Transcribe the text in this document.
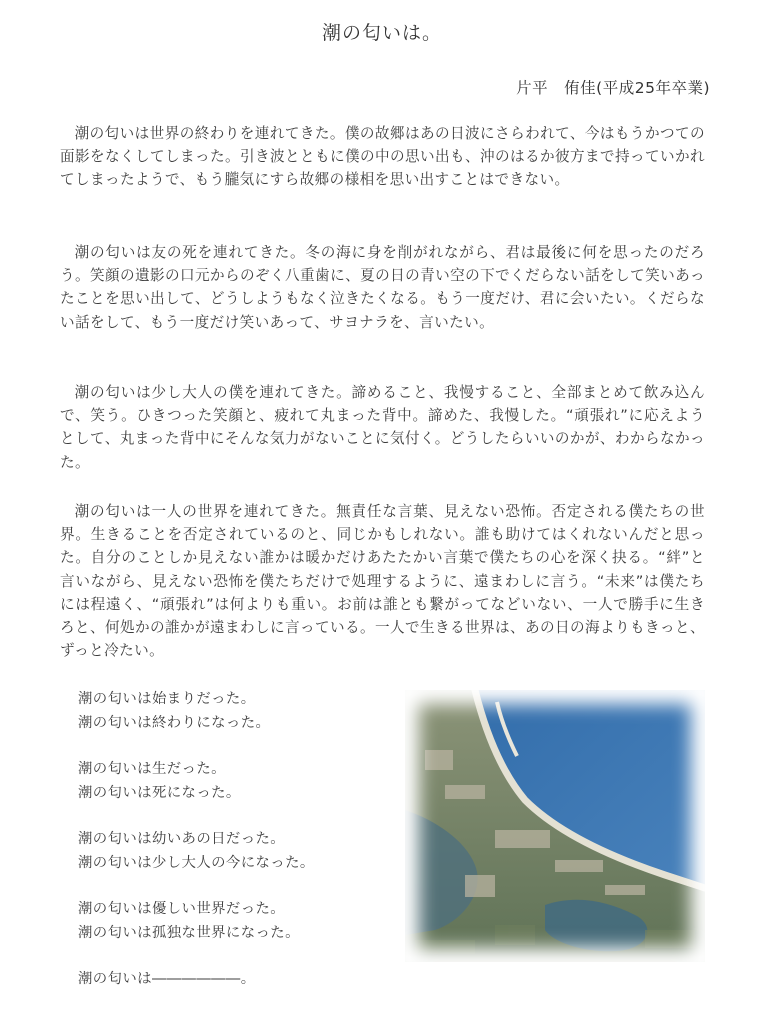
潮の匂いは。
片平　侑佳(平成25年卒業)

潮の匂いは世界の終わりを連れてきた。僕の故郷はあの日波にさらわれて、今はもうかつての面影をなくしてしまった。引き波とともに僕の中の思い出も、沖のはるか彼方まで持っていかれてしまったようで、もう朧気にすら故郷の様相を思い出すことはできない。

潮の匂いは友の死を連れてきた。冬の海に身を削がれながら、君は最後に何を思ったのだろう。笑顔の遺影の口元からのぞく八重歯に、夏の日の青い空の下でくだらない話をして笑いあったことを思い出して、どうしようもなく泣きたくなる。もう一度だけ、君に会いたい。くだらない話をして、もう一度だけ笑いあって、サヨナラを、言いたい。

潮の匂いは少し大人の僕を連れてきた。諦めること、我慢すること、全部まとめて飲み込んで、笑う。ひきつった笑顔と、疲れて丸まった背中。諦めた、我慢した。“頑張れ”に応えようとして、丸まった背中にそんな気力がないことに気付く。どうしたらいいのかが、わからなかった。

潮の匂いは一人の世界を連れてきた。無責任な言葉、見えない恐怖。否定される僕たちの世界。生きることを否定されているのと、同じかもしれない。誰も助けてはくれないんだと思った。自分のことしか見えない誰かは暖かだけあたたかい言葉で僕たちの心を深く抉る。“絆”と言いながら、見えない恐怖を僕たちだけで処理するように、遠まわしに言う。“未来”は僕たちには程遠く、“頑張れ”は何よりも重い。お前は誰とも繋がってなどいない、一人で勝手に生きろと、何処かの誰かが遠まわしに言っている。一人で生きる世界は、あの日の海よりもきっと、ずっと冷たい。

潮の匂いは始まりだった。
潮の匂いは終わりになった。
潮の匂いは生だった。
潮の匂いは死になった。
潮の匂いは幼いあの日だった。
潮の匂いは少し大人の今になった。
潮の匂いは優しい世界だった。
潮の匂いは孤独な世界になった。
潮の匂いは――――――。
